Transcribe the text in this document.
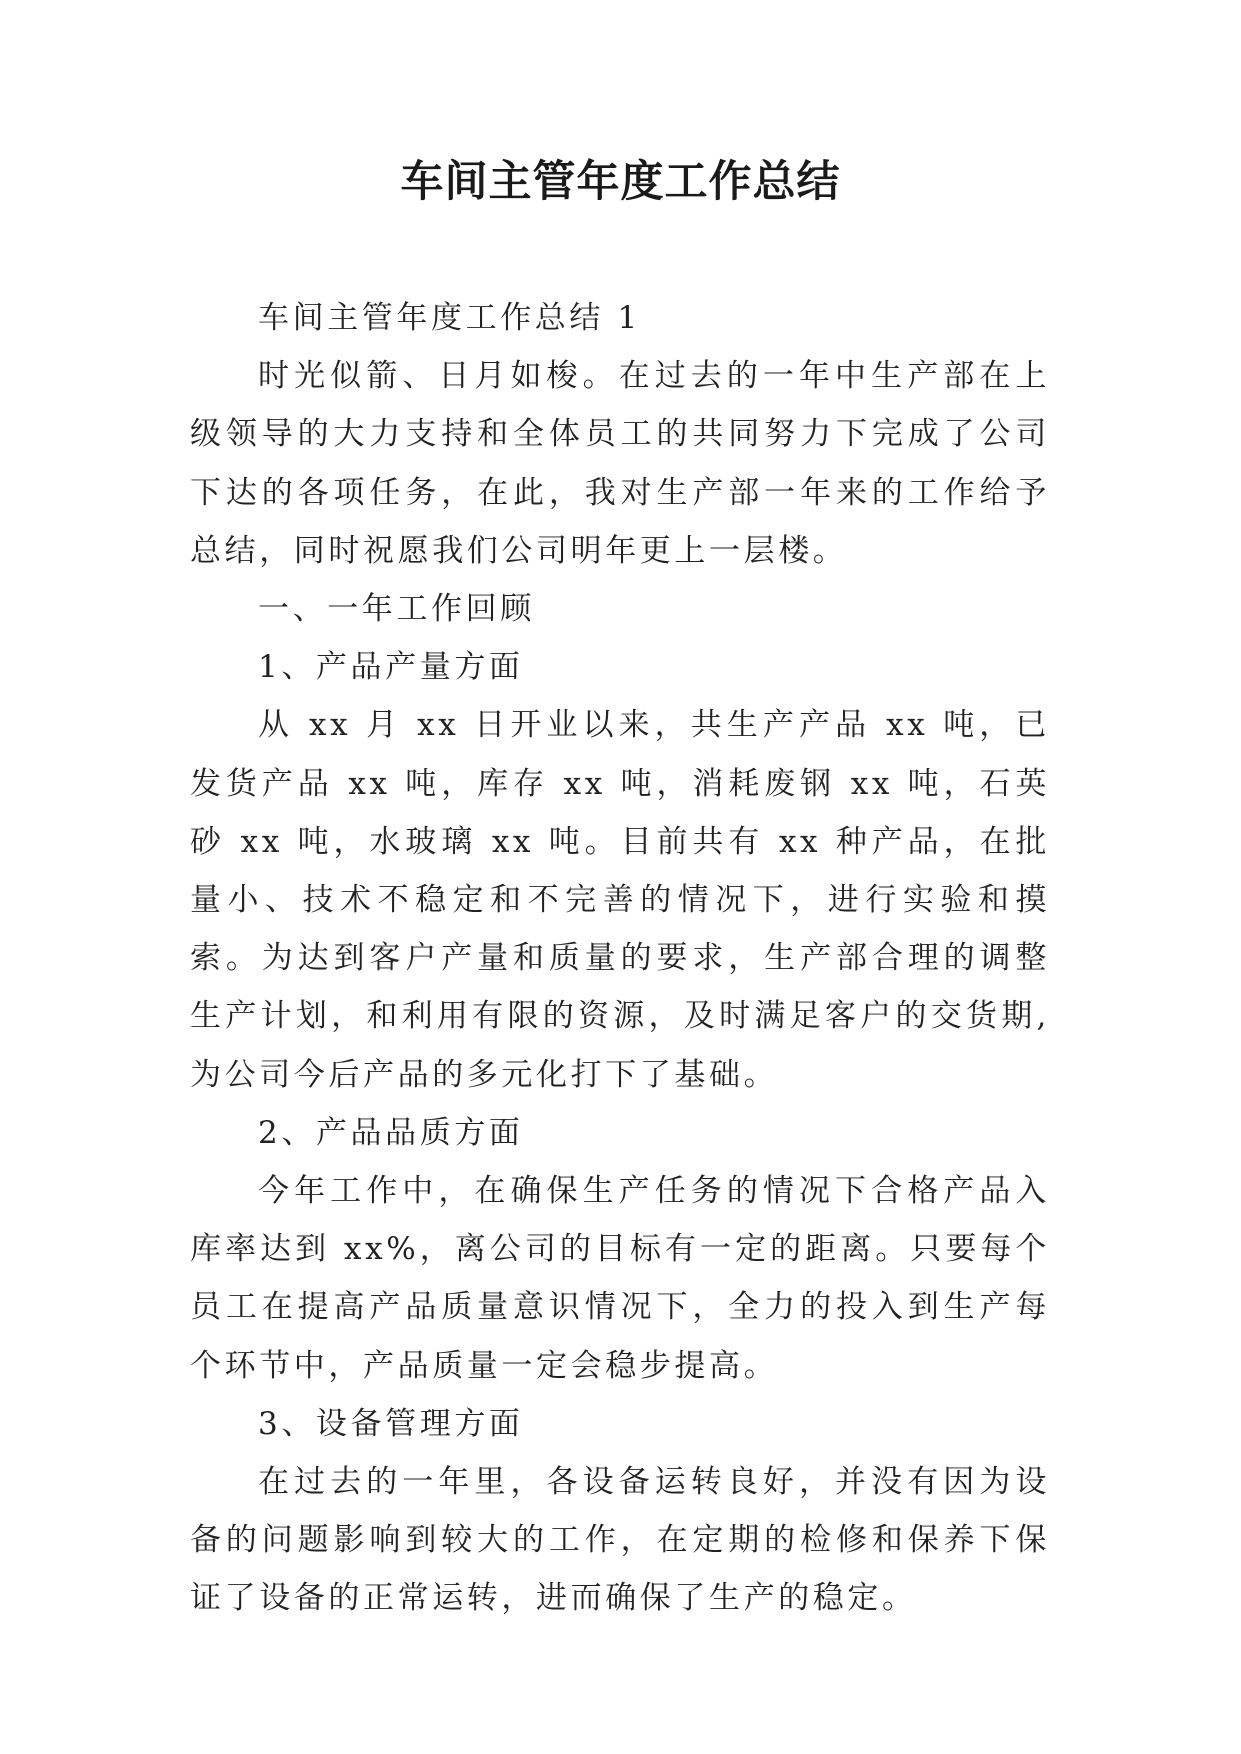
车间主管年度工作总结

车间主管年度工作总结 1

时光似箭、日月如梭。在过去的一年中生产部在上级领导的大力支持和全体员工的共同努力下完成了公司下达的各项任务，在此，我对生产部一年来的工作给予总结，同时祝愿我们公司明年更上一层楼。

一、一年工作回顾

1、产品产量方面

从 xx 月 xx 日开业以来，共生产产品 xx 吨，已发货产品 xx 吨，库存 xx 吨，消耗废钢 xx 吨，石英砂 xx 吨，水玻璃 xx 吨。目前共有 xx 种产品，在批量小、技术不稳定和不完善的情况下，进行实验和摸索。为达到客户产量和质量的要求，生产部合理的调整生产计划，和利用有限的资源，及时满足客户的交货期,为公司今后产品的多元化打下了基础。

2、产品品质方面

今年工作中，在确保生产任务的情况下合格产品入库率达到 xx%，离公司的目标有一定的距离。只要每个员工在提高产品质量意识情况下，全力的投入到生产每个环节中，产品质量一定会稳步提高。

3、设备管理方面

在过去的一年里，各设备运转良好，并没有因为设备的问题影响到较大的工作，在定期的检修和保养下保证了设备的正常运转，进而确保了生产的稳定。
